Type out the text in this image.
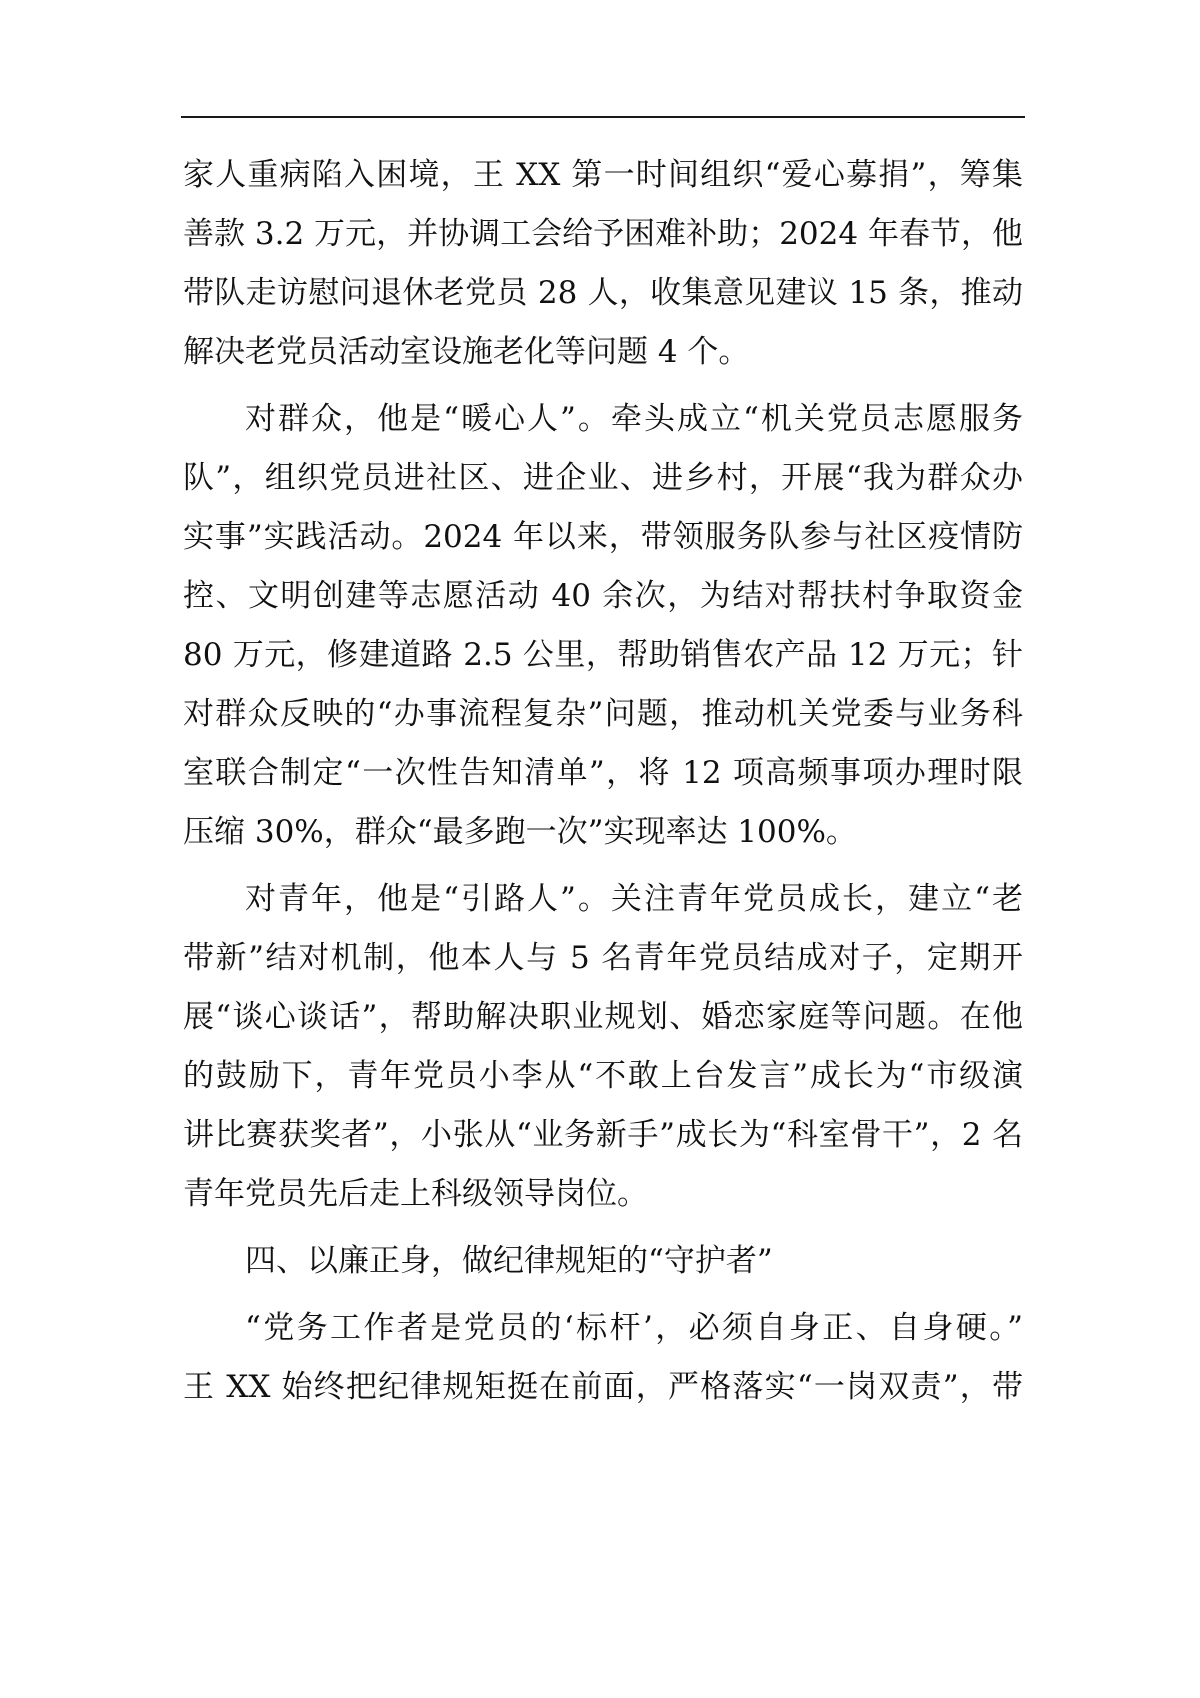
家人重病陷入困境，王 XX 第一时间组织“爱心募捐”，筹集
善款 3.2 万元，并协调工会给予困难补助；2024 年春节，他
带队走访慰问退休老党员 28 人，收集意见建议 15 条，推动
解决老党员活动室设施老化等问题 4 个。
对群众，他是“暖心人”。牵头成立“机关党员志愿服务
队”，组织党员进社区、进企业、进乡村，开展“我为群众办
实事”实践活动。2024 年以来，带领服务队参与社区疫情防
控、文明创建等志愿活动 40 余次，为结对帮扶村争取资金
80 万元，修建道路 2.5 公里，帮助销售农产品 12 万元；针
对群众反映的“办事流程复杂”问题，推动机关党委与业务科
室联合制定“一次性告知清单”，将 12 项高频事项办理时限
压缩 30%，群众“最多跑一次”实现率达 100%。
对青年，他是“引路人”。关注青年党员成长，建立“老
带新”结对机制，他本人与 5 名青年党员结成对子，定期开
展“谈心谈话”，帮助解决职业规划、婚恋家庭等问题。在他
的鼓励下，青年党员小李从“不敢上台发言”成长为“市级演
讲比赛获奖者”，小张从“业务新手”成长为“科室骨干”，2 名
青年党员先后走上科级领导岗位。
四、以廉正身，做纪律规矩的“守护者”
“党务工作者是党员的‘标杆’，必须自身正、自身硬。”
王 XX 始终把纪律规矩挺在前面，严格落实“一岗双责”，带
